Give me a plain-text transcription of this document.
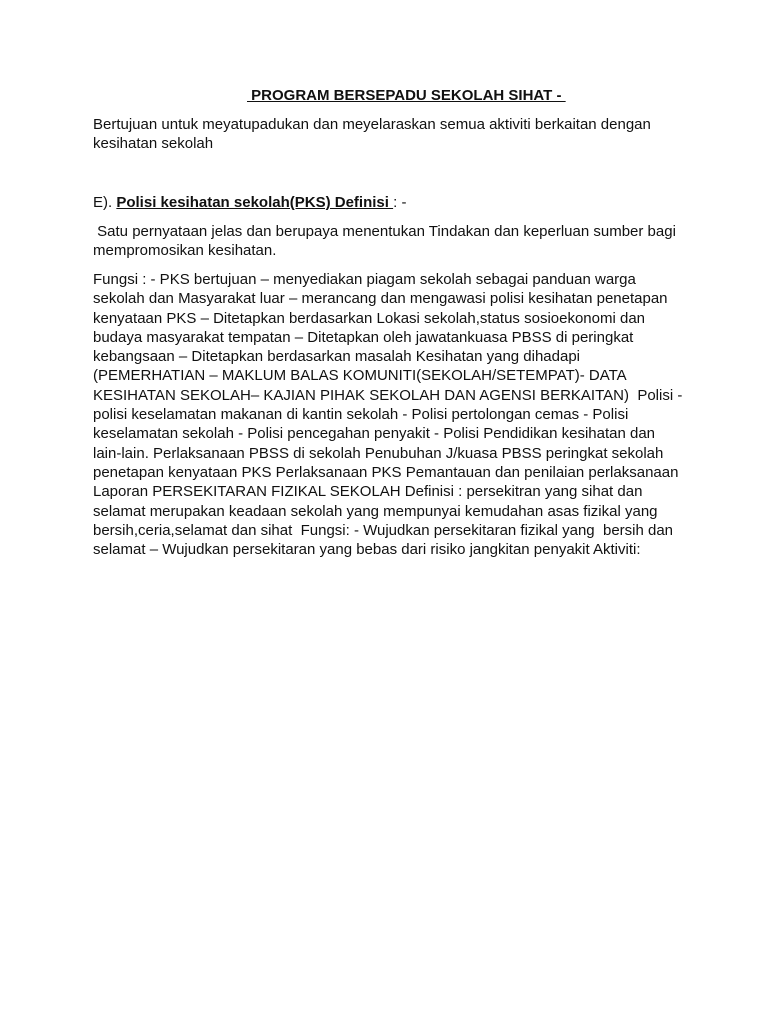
PROGRAM BERSEPADU SEKOLAH SIHAT -

Bertujuan untuk meyatupadukan dan meyelaraskan semua aktiviti berkaitan dengan kesihatan sekolah

E). Polisi kesihatan sekolah(PKS) Definisi : -

Satu pernyataan jelas dan berupaya menentukan Tindakan dan keperluan sumber bagi mempromosikan kesihatan.

Fungsi : - PKS bertujuan – menyediakan piagam sekolah sebagai panduan warga sekolah dan Masyarakat luar – merancang dan mengawasi polisi kesihatan penetapan kenyataan PKS – Ditetapkan berdasarkan Lokasi sekolah,status sosioekonomi dan budaya masyarakat tempatan – Ditetapkan oleh jawatankuasa PBSS di peringkat kebangsaan – Ditetapkan berdasarkan masalah Kesihatan yang dihadapi (PEMERHATIAN – MAKLUM BALAS KOMUNITI(SEKOLAH/SETEMPAT)- DATA KESIHATAN SEKOLAH– KAJIAN PIHAK SEKOLAH DAN AGENSI BERKAITAN)  Polisi - polisi keselamatan makanan di kantin sekolah - Polisi pertolongan cemas - Polisi keselamatan sekolah - Polisi pencegahan penyakit - Polisi Pendidikan kesihatan dan lain-lain. Perlaksanaan PBSS di sekolah Penubuhan J/kuasa PBSS peringkat sekolah penetapan kenyataan PKS Perlaksanaan PKS Pemantauan dan penilaian perlaksanaan Laporan PERSEKITARAN FIZIKAL SEKOLAH Definisi : persekitran yang sihat dan selamat merupakan keadaan sekolah yang mempunyai kemudahan asas fizikal yang bersih,ceria,selamat dan sihat  Fungsi: - Wujudkan persekitaran fizikal yang  bersih dan selamat – Wujudkan persekitaran yang bebas dari risiko jangkitan penyakit Aktiviti:
